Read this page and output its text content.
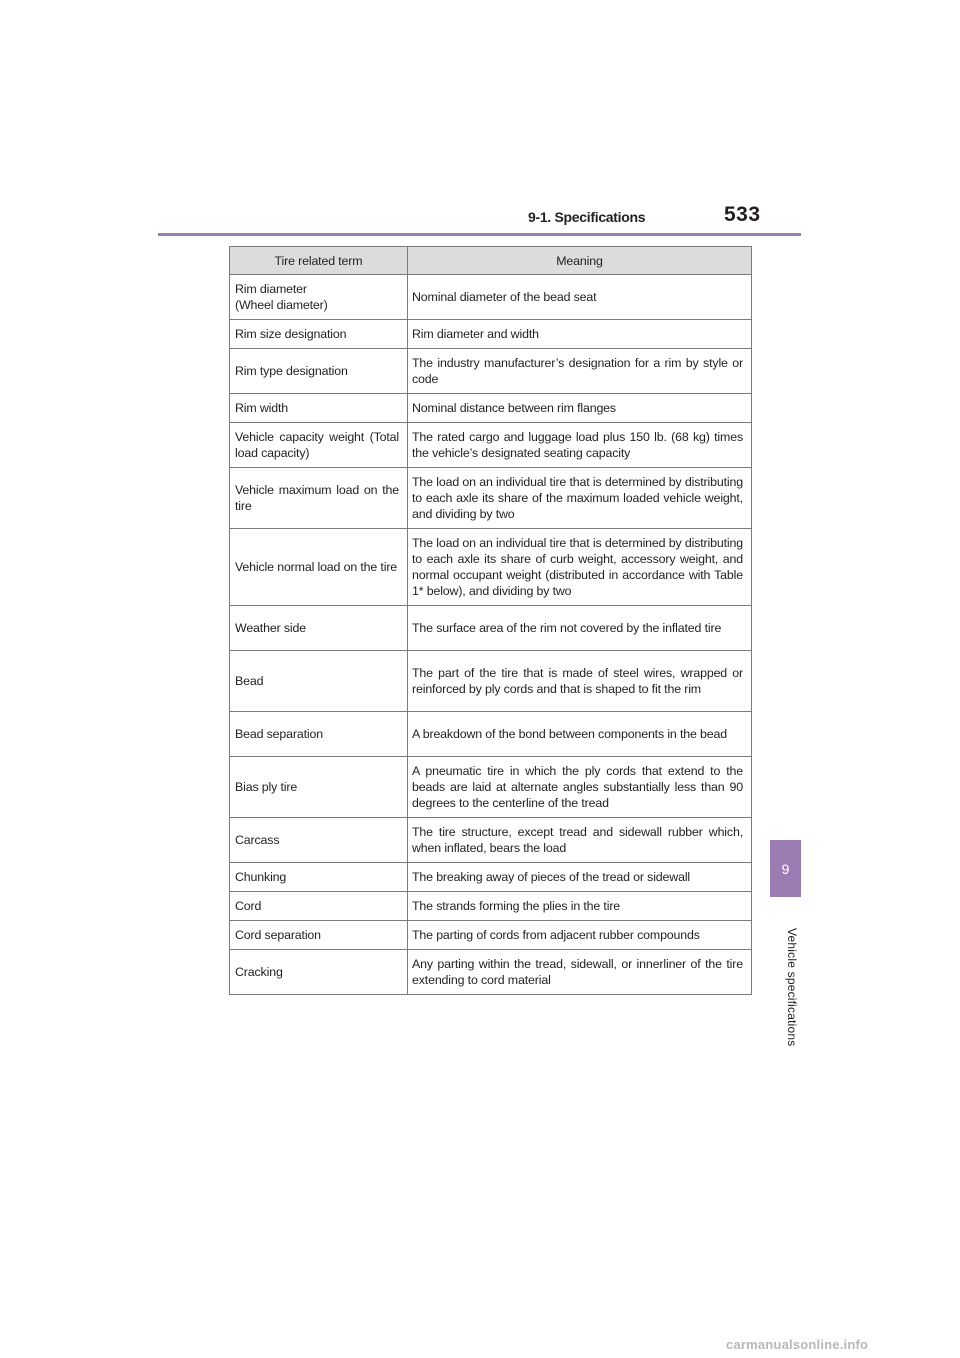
9-1. Specifications	533
9
Vehicle specifications
Tire related term	Meaning
Rim diameter
(Wheel diameter)	Nominal diameter of the bead seat
Rim size designation	Rim diameter and width
Rim type designation	The industry manufacturer’s designation for a rim by style or code
Rim width	Nominal distance between rim flanges
Vehicle capacity weight (Total load capacity)	The rated cargo and luggage load plus 150 lb. (68 kg) times the vehicle’s designated seating capacity
Vehicle maximum load on the tire	The load on an individual tire that is determined by distributing to each axle its share of the maximum loaded vehicle weight, and dividing by two
Vehicle normal load on the tire	The load on an individual tire that is determined by distributing to each axle its share of curb weight, accessory weight, and normal occupant weight (distributed in accordance with Table 1* below), and dividing by two
Weather side	The surface area of the rim not covered by the inflated tire
Bead	The part of the tire that is made of steel wires, wrapped or reinforced by ply cords and that is shaped to fit the rim
Bead separation	A breakdown of the bond between components in the bead
Bias ply tire	A pneumatic tire in which the ply cords that extend to the beads are laid at alternate angles substantially less than 90 degrees to the centerline of the tread
Carcass	The tire structure, except tread and sidewall rubber which, when inflated, bears the load
Chunking	The breaking away of pieces of the tread or sidewall
Cord	The strands forming the plies in the tire
Cord separation	The parting of cords from adjacent rubber compounds
Cracking	Any parting within the tread, sidewall, or innerliner of the tire extending to cord material
carmanualsonline.info
